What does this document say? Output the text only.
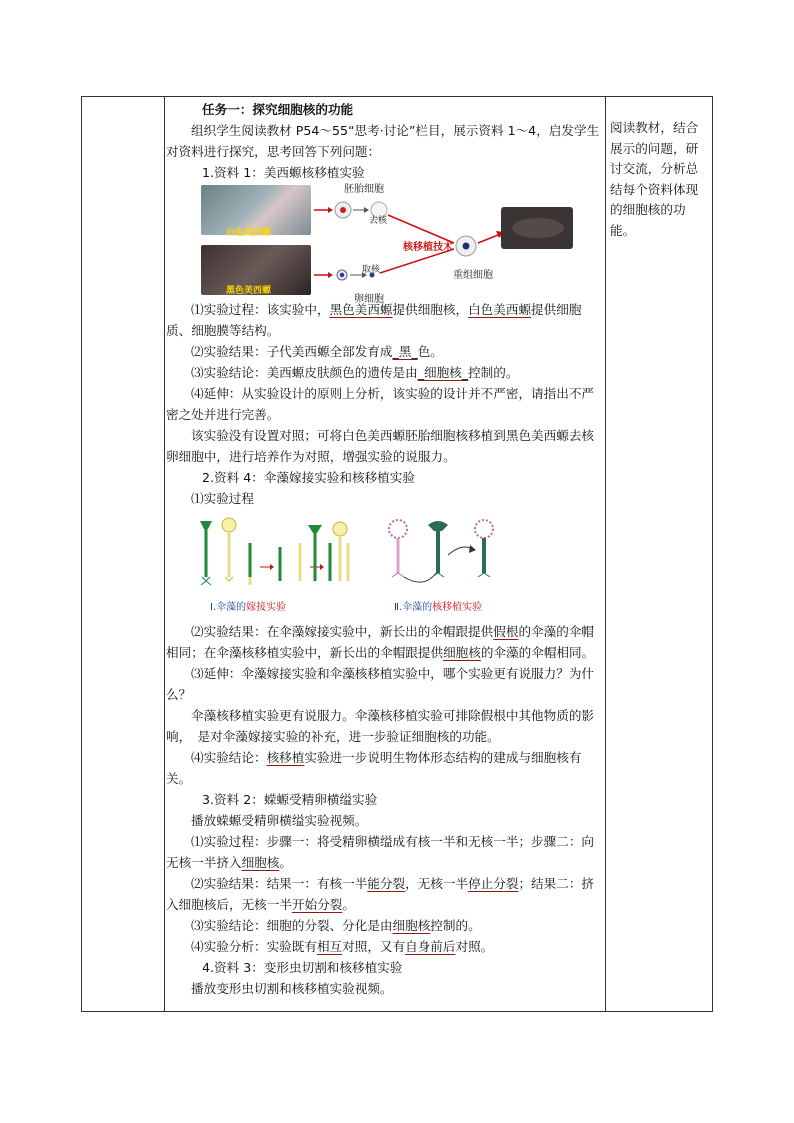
任务一：探究细胞核的功能

组织学生阅读教材 P54～55“思考·讨论”栏目，展示资料 1～4，启发学生对资料进行探究，思考回答下列问题：

1.资料 1：美西螈核移植实验

白色美西螈
黑色美西螈
胚胎细胞
去核
核移植技术
取核	重组细胞
卵细胞

⑴实验过程：该实验中，黑色美西螈提供细胞核，白色美西螈提供细胞质、细胞膜等结构。

⑵实验结果：子代美西螈全部发育成_黑_色。

⑶实验结论：美西螈皮肤颜色的遗传是由_细胞核_控制的。

⑷延伸：从实验设计的原则上分析，该实验的设计并不严密，请指出不严密之处并进行完善。

该实验没有设置对照；可将白色美西螈胚胎细胞核移植到黑色美西螈去核卵细胞中，进行培养作为对照，增强实验的说服力。

2.资料 4：伞藻嫁接实验和核移植实验

⑴实验过程

Ⅰ.伞藻的嫁接实验	Ⅱ.伞藻的核移植实验

⑵实验结果：在伞藻嫁接实验中，新长出的伞帽跟提供假根的伞藻的伞帽相同；在伞藻核移植实验中，新长出的伞帽跟提供细胞核的伞藻的伞帽相同。

⑶延伸：伞藻嫁接实验和伞藻核移植实验中，哪个实验更有说服力？为什么？

伞藻核移植实验更有说服力。伞藻核移植实验可排除假根中其他物质的影响，　是对伞藻嫁接实验的补充，进一步验证细胞核的功能。

⑷实验结论：核移植实验进一步说明生物体形态结构的建成与细胞核有关。

3.资料 2：蝾螈受精卵横缢实验

播放蝾螈受精卵横缢实验视频。

⑴实验过程：步骤一：将受精卵横缢成有核一半和无核一半；步骤二：向无核一半挤入细胞核。

⑵实验结果：结果一：有核一半能分裂，无核一半停止分裂；结果二：挤入细胞核后，无核一半开始分裂。

⑶实验结论：细胞的分裂、分化是由细胞核控制的。

⑷实验分析：实验既有相互对照，又有自身前后对照。

4.资料 3：变形虫切割和核移植实验

播放变形虫切割和核移植实验视频。

阅读教材，结合展示的问题，研讨交流，分析总结每个资料体现的细胞核的功能。
